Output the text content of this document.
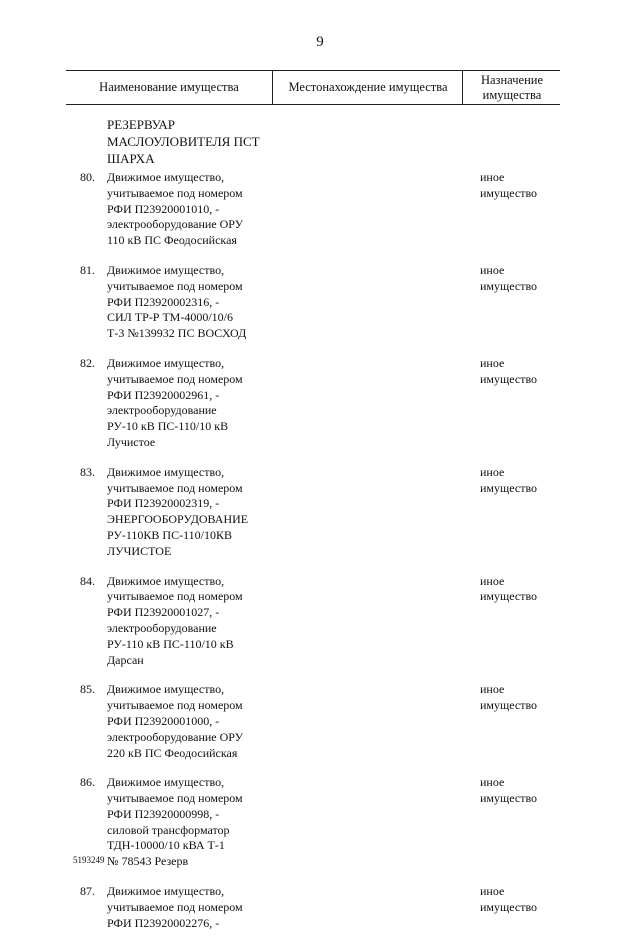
9
Наименование имущества	Местонахождение имущества
Назначение
имущества
РЕЗЕРВУАР
МАСЛОУЛОВИТЕЛЯ ПСТ
ШАРХА
80. Движимое имущество,
учитываемое под номером
РФИ П23920001010, -
электрооборудование ОРУ
110 кВ ПС Феодосийская
иное
имущество
81. Движимое имущество,
учитываемое под номером
РФИ П23920002316, -
СИЛ ТР-Р ТМ-4000/10/6
Т-3 №139932 ПС ВОСХОД
иное
имущество
82. Движимое имущество,
учитываемое под номером
РФИ П23920002961, -
электрооборудование
РУ-10 кВ ПС-110/10 кВ
Лучистое
иное
имущество
83. Движимое имущество,
учитываемое под номером
РФИ П23920002319, -
ЭНЕРГООБОРУДОВАНИЕ
РУ-110КВ ПС-110/10КВ
ЛУЧИСТОЕ
иное
имущество
84. Движимое имущество,
учитываемое под номером
РФИ П23920001027, -
электрооборудование
РУ-110 кВ ПС-110/10 кВ
Дарсан
иное
имущество
85. Движимое имущество,
учитываемое под номером
РФИ П23920001000, -
электрооборудование ОРУ
220 кВ ПС Феодосийская
иное
имущество
86. Движимое имущество,
учитываемое под номером
РФИ П23920000998, -
силовой трансформатор
ТДН-10000/10 кВА Т-1
№ 78543 Резерв
иное
имущество
87. Движимое имущество,
учитываемое под номером
РФИ П23920002276, -
иное
имущество
5193249
